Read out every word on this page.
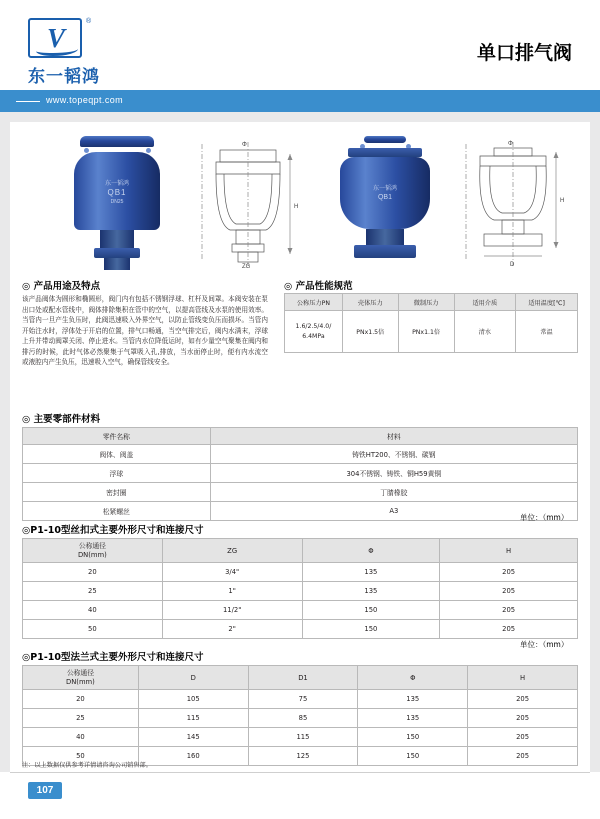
V
®
东一韬鸿
单口排气阀
www.topeqpt.com
东一韬鸿
QB1
DN25
H
ZG
Φ
东一韬鸿
QB1	H
D
Φ
◎ 产品用途及特点
该产品阀体为圆形和椭圆形，阀门内有包括不锈钢浮球、杠杆及间罩。本阀安装在泵出口处或配水管线中，阀体排除集积在管中的空气，以提高管线及水泵的使用效率。当管内一旦产生负压时，此阀迅速吸入外界空气，以防止管线变负压而损坏。当管内开始注水时，浮体处于开启的位置，排气口畅通，当空气排完后，阀内水满末，浮球上升并带动阀罩关闭、停止进水。当管内水位降低运时，如有少量空气聚集在阀内和排污的时候，此时气体必然聚集于气罩吸入孔,排放，当水面停止时，便有内水流空或液腔内产生负压，迅速吸入空气，确保管线安全。
◎ 产品性能规范
公称压力PN	壳体压力	微制压力	适用介质	适用温度[℃]
1.6/2.5/4.0/
6.4MPa	PNx1.5倍	PNx1.1倍	清水	常温
◎ 主要零部件材料
零件名称	材料
阀体、阀盖	铸铁HT200、不锈钢、碳钢
浮球	304不锈钢、铸铁、铜H59黄铜
密封圈	丁腈橡胶
松紧螺丝	A3
◎P1-10型丝扣式主要外形尺寸和连接尺寸
单位：（mm）
公称通径
DN(mm)	ZG	Φ	H
20	3/4"	135	205
25	1"	135	205
40	11/2"	150	205
50	2"	150	205
◎P1-10型法兰式主要外形尺寸和连接尺寸
单位：（mm）
公称通径
DN(mm)	D	D1	Φ	H
20	105	75	135	205
25	115	85	135	205
40	145	115	150	205
50	160	125	150	205
注：以上数据仅供参考详情请咨询公司销售部。
107
